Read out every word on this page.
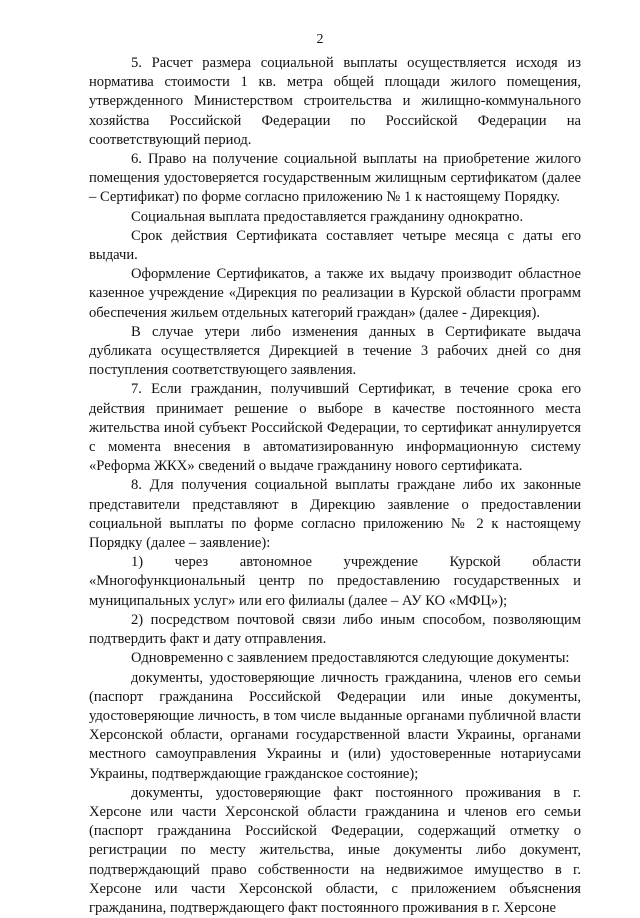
2

5. Расчет размера социальной выплаты осуществляется исходя из норматива стоимости 1 кв. метра общей площади жилого помещения, утвержденного Министерством строительства и жилищно-коммунального хозяйства Российской Федерации по Российской Федерации на соответствующий период.

6. Право на получение социальной выплаты на приобретение жилого помещения удостоверяется государственным жилищным сертификатом (далее – Сертификат) по форме согласно приложению № 1 к настоящему Порядку.

Социальная выплата предоставляется гражданину однократно.

Срок действия Сертификата составляет четыре месяца с даты его выдачи.

Оформление Сертификатов, а также их выдачу производит областное казенное учреждение «Дирекция по реализации в Курской области программ обеспечения жильем отдельных категорий граждан» (далее - Дирекция).

В случае утери либо изменения данных в Сертификате выдача дубликата осуществляется Дирекцией в течение 3 рабочих дней со дня поступления соответствующего заявления.

7. Если гражданин, получивший Сертификат, в течение срока его действия принимает решение о выборе в качестве постоянного места жительства иной субъект Российской Федерации, то сертификат аннулируется с момента внесения в автоматизированную информационную систему «Реформа ЖКХ» сведений о выдаче гражданину нового сертификата.

8. Для получения социальной выплаты граждане либо их законные представители представляют в Дирекцию заявление о предоставлении социальной выплаты по форме согласно приложению № 2 к настоящему Порядку (далее – заявление):

1) через автономное учреждение Курской области «Многофункциональный центр по предоставлению государственных и муниципальных услуг» или его филиалы (далее – АУ КО «МФЦ»);

2) посредством почтовой связи либо иным способом, позволяющим подтвердить факт и дату отправления.

Одновременно с заявлением предоставляются следующие документы:

документы, удостоверяющие личность гражданина, членов его семьи (паспорт гражданина Российской Федерации или иные документы, удостоверяющие личность, в том числе выданные органами публичной власти Херсонской области, органами государственной власти Украины, органами местного самоуправления Украины и (или) удостоверенные нотариусами Украины, подтверждающие гражданское состояние);

документы, удостоверяющие факт постоянного проживания в г. Херсоне или части Херсонской области гражданина и членов его семьи (паспорт гражданина Российской Федерации, содержащий отметку о регистрации по месту жительства, иные документы либо документ, подтверждающий право собственности на недвижимое имущество в г. Херсоне или части Херсонской области, с приложением объяснения гражданина, подтверждающего факт постоянного проживания в г. Херсоне
